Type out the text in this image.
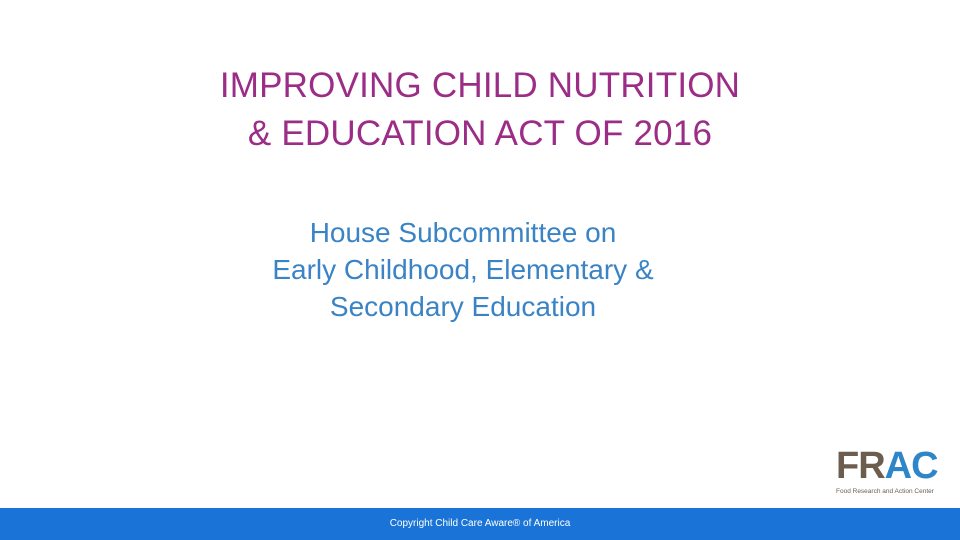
IMPROVING CHILD NUTRITION
& EDUCATION ACT OF 2016
House Subcommittee on
Early Childhood, Elementary &
Secondary Education
FRAC
Food Research and Action Center
Copyright Child Care Aware® of America
